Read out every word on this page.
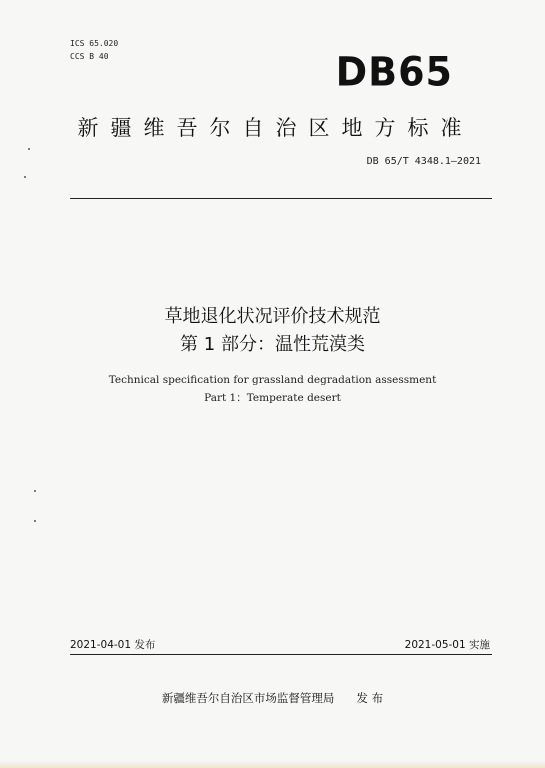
ICS 65.020
CCS B 40	DB65
新疆维吾尔自治区地方标准
DB 65/T 4348.1—2021
草地退化状况评价技术规范
第 1 部分：温性荒漠类
Technical specification for grassland degradation assessment
Part 1：Temperate desert
2021-04-01 发布	2021-05-01 实施
新疆维吾尔自治区市场监督管理局 发 布
